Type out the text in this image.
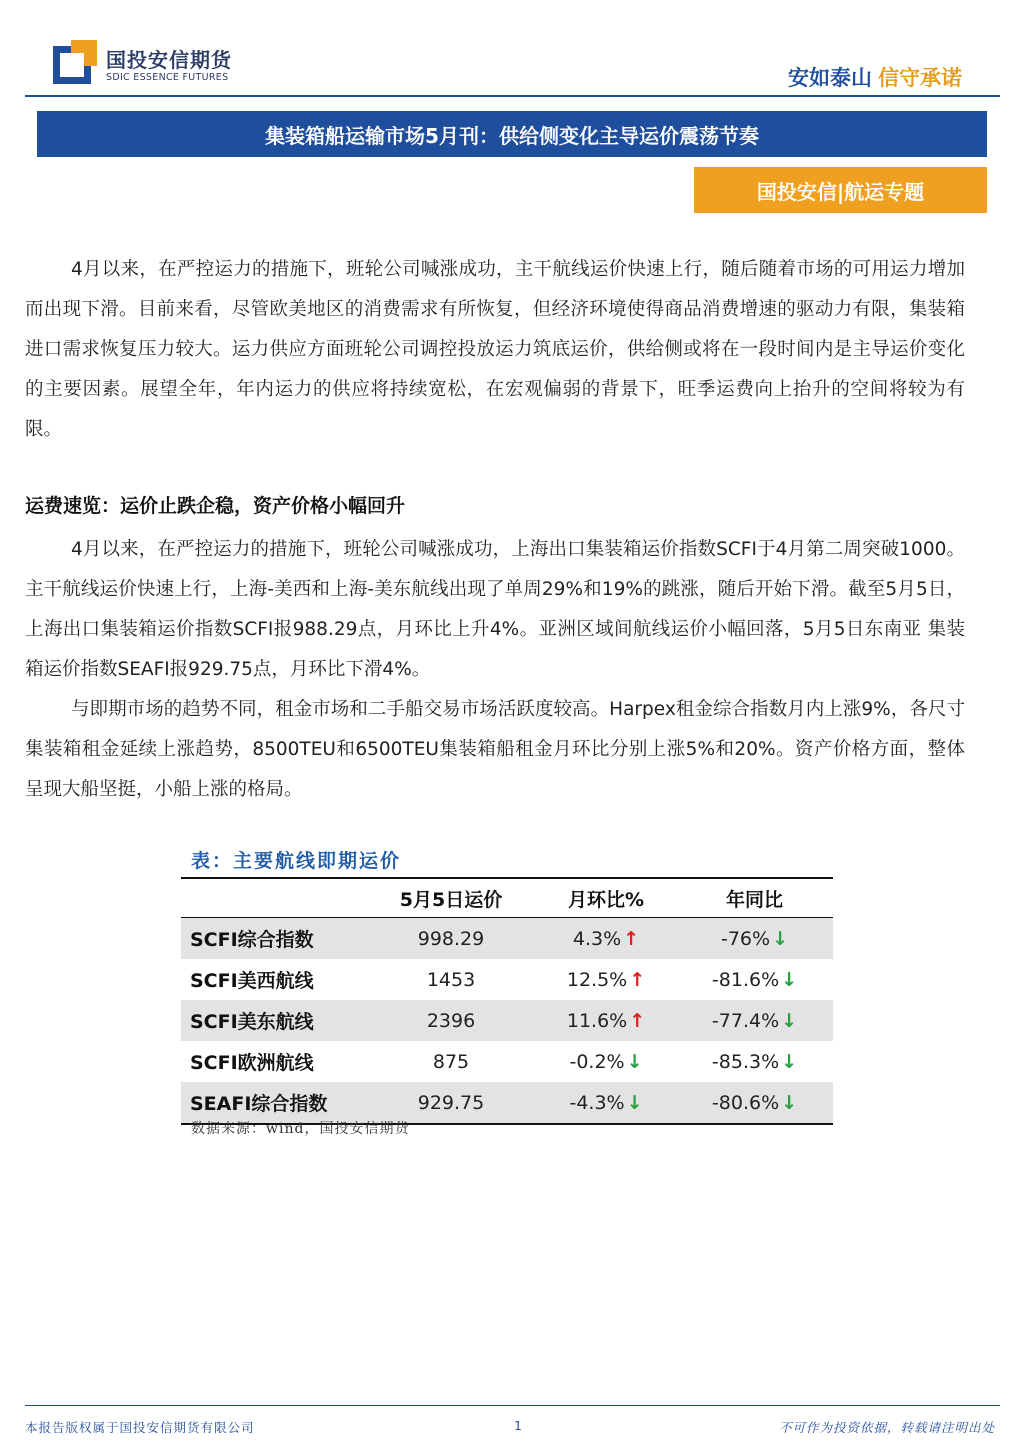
国投安信期货
SDIC ESSENCE FUTURES	安如泰山 信守承诺
集装箱船运输市场5月刊：供给侧变化主导运价震荡节奏
国投安信|航运专题

4月以来，在严控运力的措施下，班轮公司喊涨成功，主干航线运价快速上行，随后随着市场的可用运力增加而出现下滑。目前来看，尽管欧美地区的消费需求有所恢复，但经济环境使得商品消费增速的驱动力有限，集装箱进口需求恢复压力较大。运力供应方面班轮公司调控投放运力筑底运价，供给侧或将在一段时间内是主导运价变化的主要因素。展望全年，年内运力的供应将持续宽松，在宏观偏弱的背景下，旺季运费向上抬升的空间将较为有限。

运费速览：运价止跌企稳，资产价格小幅回升

4月以来，在严控运力的措施下，班轮公司喊涨成功，上海出口集装箱运价指数SCFI于4月第二周突破1000。主干航线运价快速上行，上海-美西和上海-美东航线出现了单周29%和19%的跳涨，随后开始下滑。截至5月5日，上海出口集装箱运价指数SCFI报988.29点，月环比上升4%。亚洲区域间航线运价小幅回落，5月5日东南亚 集装箱运价指数SEAFI报929.75点，月环比下滑4%。

与即期市场的趋势不同，租金市场和二手船交易市场活跃度较高。Harpex租金综合指数月内上涨9%，各尺寸集装箱租金延续上涨趋势，8500TEU和6500TEU集装箱船租金月环比分别上涨5%和20%。资产价格方面，整体呈现大船坚挺，小船上涨的格局。

表：主要航线即期运价
	5月5日运价	月环比%	年同比
SCFI综合指数	998.29	4.3% ↑	-76% ↓
SCFI美西航线	1453	12.5% ↑	-81.6% ↓
SCFI美东航线	2396	11.6% ↑	-77.4% ↓
SCFI欧洲航线	875	-0.2% ↓	-85.3% ↓
SEAFI综合指数	929.75	-4.3% ↓	-80.6% ↓
数据来源：wind，国投安信期货
本报告版权属于国投安信期货有限公司	1	不可作为投资依据，转载请注明出处
